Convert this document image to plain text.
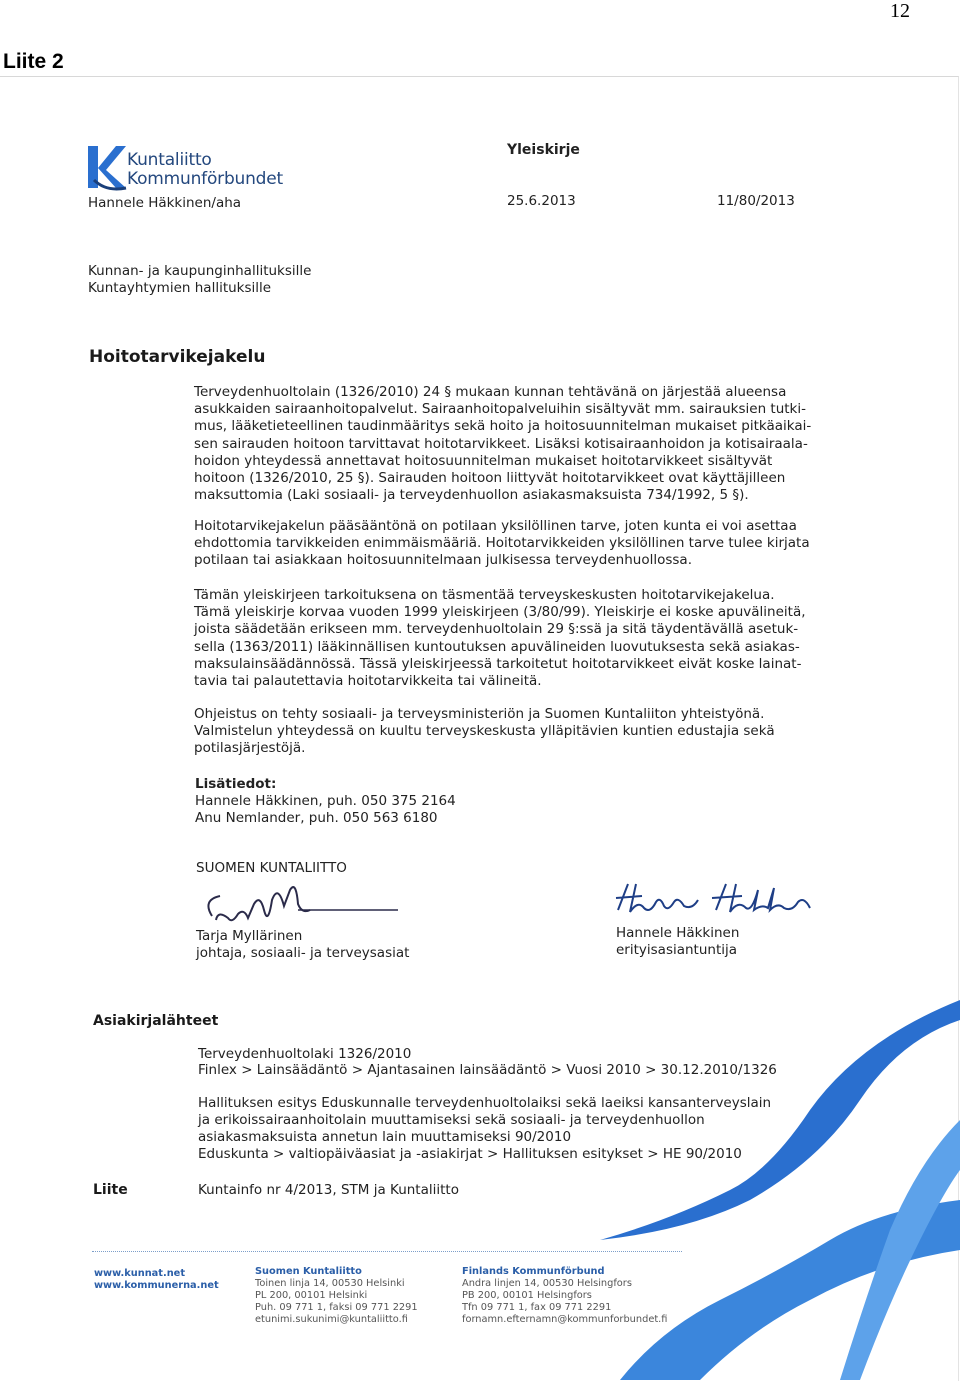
12
Liite 2
Kuntaliitto
Kommunförbundet
Hannele Häkkinen/aha
Yleiskirje
25.6.2013	11/80/2013
Kunnan- ja kaupunginhallituksille
Kuntayhtymien hallituksille
Hoitotarvikejakelu

Terveydenhuoltolain (1326/2010) 24 § mukaan kunnan tehtävänä on järjestää alueensa

asukkaiden sairaanhoitopalvelut. Sairaanhoitopalveluihin sisältyvät mm. sairauksien tutki-

mus, lääketieteellinen taudinmääritys sekä hoito ja hoitosuunnitelman mukaiset pitkäaikai-

sen sairauden hoitoon tarvittavat hoitotarvikkeet. Lisäksi kotisairaanhoidon ja kotisairaala-

hoidon yhteydessä annettavat hoitosuunnitelman mukaiset hoitotarvikkeet sisältyvät

hoitoon (1326/2010, 25 §). Sairauden hoitoon liittyvät hoitotarvikkeet ovat käyttäjilleen

maksuttomia (Laki sosiaali- ja terveydenhuollon asiakasmaksuista 734/1992, 5 §).

Hoitotarvikejakelun pääsääntönä on potilaan yksilöllinen tarve, joten kunta ei voi asettaa

ehdottomia tarvikkeiden enimmäismääriä. Hoitotarvikkeiden yksilöllinen tarve tulee kirjata

potilaan tai asiakkaan hoitosuunnitelmaan julkisessa terveydenhuollossa.

Tämän yleiskirjeen tarkoituksena on täsmentää terveyskeskusten hoitotarvikejakelua.

Tämä yleiskirje korvaa vuoden 1999 yleiskirjeen (3/80/99). Yleiskirje ei koske apuvälineitä,

joista säädetään erikseen mm. terveydenhuoltolain 29 §:ssä ja sitä täydentävällä asetuk-

sella (1363/2011) lääkinnällisen kuntoutuksen apuvälineiden luovutuksesta sekä asiakas-

maksulainsäädännössä. Tässä yleiskirjeessä tarkoitetut hoitotarvikkeet eivät koske lainat-

tavia tai palautettavia hoitotarvikkeita tai välineitä.

Ohjeistus on tehty sosiaali- ja terveysministeriön ja Suomen Kuntaliiton yhteistyönä.

Valmistelun yhteydessä on kuultu terveyskeskusta ylläpitävien kuntien edustajia sekä

potilasjärjestöjä.

Lisätiedot:
Hannele Häkkinen, puh. 050 375 2164
Anu Nemlander, puh. 050 563 6180
SUOMEN KUNTALIITTO
Tarja Myllärinen
johtaja, sosiaali- ja terveysasiat
Hannele Häkkinen
erityisasiantuntija
Asiakirjalähteet
Terveydenhuoltolaki 1326/2010
Finlex > Lainsäädäntö > Ajantasainen lainsäädäntö > Vuosi 2010 > 30.12.2010/1326

Hallituksen esitys Eduskunnalle terveydenhuoltolaiksi sekä laeiksi kansanterveyslain

ja erikoissairaanhoitolain muuttamiseksi sekä sosiaali- ja terveydenhuollon

asiakasmaksuista annetun lain muuttamiseksi 90/2010

Eduskunta > valtiopäiväasiat ja -asiakirjat > Hallituksen esitykset > HE 90/2010

Liite	Kuntainfo nr 4/2013, STM ja Kuntaliitto

www.kunnat.net

www.kommunerna.net

Suomen Kuntaliitto

Toinen linja 14, 00530 Helsinki

PL 200, 00101 Helsinki

Puh. 09 771 1, faksi 09 771 2291

etunimi.sukunimi@kuntaliitto.fi

Finlands Kommunförbund

Andra linjen 14, 00530 Helsingfors

PB 200, 00101 Helsingfors

Tfn 09 771 1, fax 09 771 2291

fornamn.efternamn@kommunforbundet.fi
